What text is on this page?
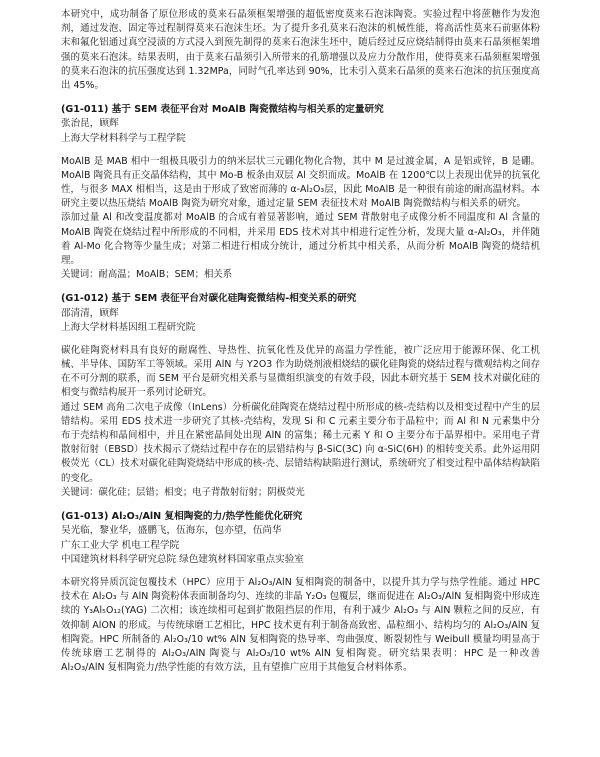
本研究中，成功制备了原位形成的莫来石晶须框架增强的超低密度莫来石泡沫陶瓷。实验过程中将蔗糖作为发泡剂，通过发泡、固定等过程制得莫来石泡沫生坯。为了提升多孔莫来石泡沫的机械性能，将高活性莫来石前驱体粉末和氟化铝通过真空浸渍的方式浸入到预先制得的莫来石泡沫生坯中，随后经过反应烧结制得由莫来石晶须框架增强的莫来石泡沫。结果表明，由于莫来石晶须引入所带来的孔筋增强以及应力分散作用，使得莫来石晶须框架增强的莫来石泡沫的抗压强度达到 1.32MPa，同时气孔率达到 90%，比未引入莫来石晶须的莫来石泡沫的抗压强度高出 45%。

(G1-011) 基于 SEM 表征平台对 MoAlB 陶瓷微结构与相关系的定量研究
张治昆，顾辉
上海大学材料科学与工程学院

MoAlB 是 MAB 相中一组极具吸引力的纳米层状三元硼化物化合物，其中 M 是过渡金属，A 是铝或锌，B 是硼。MoAlB 陶瓷具有正交晶体结构，其中 Mo-B 板条由双层 Al 交织而成。MoAlB 在 1200℃以上表现出优异的抗氧化性，与很多 MAX 相相当，这是由于形成了致密而薄的 α-Al₂O₃层，因此 MoAlB 是一种很有前途的耐高温材料。本研究主要以热压烧结 MoAlB 陶瓷为研究对象，通过定量 SEM 表征技术对 MoAlB 陶瓷微结构与相关系的研究。

添加过量 Al 和改变温度都对 MoAlB 的合成有着显著影响，通过 SEM 背散射电子成像分析不同温度和 Al 含量的 MoAlB 陶瓷在烧结过程中所形成的不同相，并采用 EDS 技术对其中相进行定性分析，发现大量 α-Al₂O₃，并伴随着 Al-Mo 化合物等少量生成；对第二相进行相成分统计，通过分析其中相关系，从而分析 MoAlB 陶瓷的烧结机理。

关键词：耐高温；MoAlB；SEM；相关系
(G1-012) 基于 SEM 表征平台对碳化硅陶瓷微结构-相变关系的研究
邵清清，顾辉
上海大学材料基因组工程研究院

碳化硅陶瓷材料具有良好的耐腐性、导热性、抗氧化性及优异的高温力学性能，被广泛应用于能源环保、化工机械、半导体、国防军工等领域。采用 AlN 与 Y2O3 作为助烧剂液相烧结的碳化硅陶瓷的烧结过程与微观结构之间存在不可分割的联系，而 SEM 平台是研究相关系与显微组织演变的有效手段，因此本研究基于 SEM 技术对碳化硅的相变与微结构展开一系列讨论研究。

通过 SEM 高角二次电子成像（InLens）分析碳化硅陶瓷在烧结过程中所形成的核-壳结构以及相变过程中产生的层错结构。采用 EDS 技术进一步研究了其核-壳结构，发现 Si 和 C 元素主要分布于晶粒中；而 Al 和 N 元素集中分布于壳结构和晶间相中，并且在紧密晶间处出现 AlN 的富集；稀土元素 Y 和 O 主要分布于晶界相中。采用电子背散射衍射（EBSD）技术揭示了烧结过程中存在的层错结构与 β-SiC(3C) 向 α-SiC(6H) 的相转变关系。此外运用阴极荧光（CL）技术对碳化硅陶瓷烧结中形成的核-壳、层错结构缺陷进行测试，系统研究了相变过程中晶体结构缺陷的变化。

关键词：碳化硅；层错；相变；电子背散射衍射；阴极荧光
(G1-013) Al₂O₃/AlN 复相陶瓷的力/热学性能优化研究
吴光临，黎业华，盛鹏飞，伍海东，包亦望，伍尚华
广东工业大学 机电工程学院
中国建筑材料科学研究总院 绿色建筑材料国家重点实验室

本研究将异质沉淀包覆技术（HPC）应用于 Al₂O₃/AlN 复相陶瓷的制备中，以提升其力学与热学性能。通过 HPC 技术在 Al₂O₃ 与 AlN 陶瓷粉体表面制备均匀、连续的非晶 Y₂O₃ 包覆层，继而促进在 Al₂O₃/AlN 复相陶瓷中形成连续的 Y₃Al₅O₁₂(YAG) 二次相；该连续相可起到扩散阻挡层的作用，有利于减少 Al₂O₃ 与 AlN 颗粒之间的反应，有效抑制 AlON 的形成。与传统球磨工艺相比，HPC 技术更有利于制备高致密、晶粒细小、结构均匀的 Al₂O₃/AlN 复相陶瓷。HPC 所制备的 Al₂O₃/10 wt% AlN 复相陶瓷的热导率、弯曲强度、断裂韧性与 Weibull 模量均明显高于传统球磨工艺制得的 Al₂O₃/AlN 陶瓷与 Al₂O₃/10 wt% AlN 复相陶瓷。研究结果表明：HPC 是一种改善 Al₂O₃/AlN 复相陶瓷力/热学性能的有效方法，且有望推广应用于其他复合材料体系。
